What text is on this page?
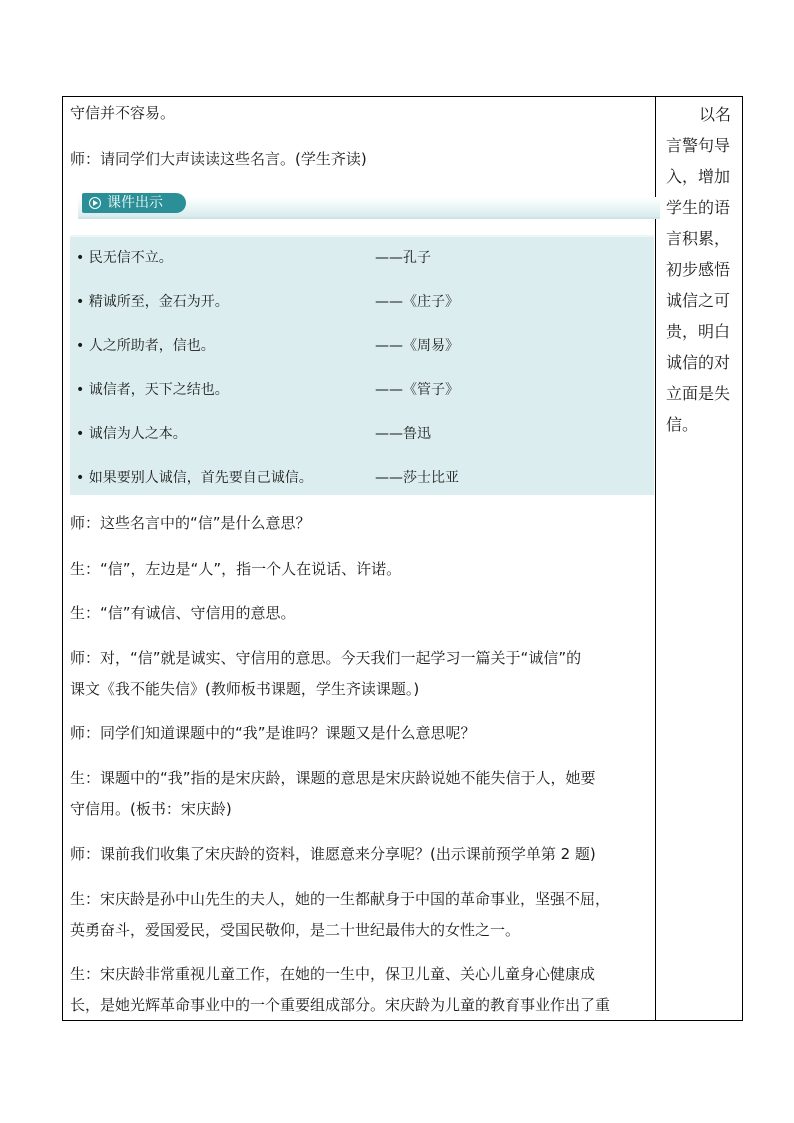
守信并不容易。
师：请同学们大声读读这些名言。(学生齐读)
课件出示
• 民无信不立。	——孔子
• 精诚所至，金石为开。	——《庄子》
• 人之所助者，信也。	——《周易》
• 诚信者，天下之结也。	——《管子》
• 诚信为人之本。	——鲁迅
• 如果要别人诚信，首先要自己诚信。	——莎士比亚
师：这些名言中的“信”是什么意思？
生：“信”，左边是“人”，指一个人在说话、许诺。
生：“信”有诚信、守信用的意思。
师：对，“信”就是诚实、守信用的意思。今天我们一起学习一篇关于“诚信”的
课文《我不能失信》(教师板书课题，学生齐读课题。)
师：同学们知道课题中的“我”是谁吗？课题又是什么意思呢？
生：课题中的“我”指的是宋庆龄，课题的意思是宋庆龄说她不能失信于人，她要
守信用。(板书：宋庆龄)
师：课前我们收集了宋庆龄的资料，谁愿意来分享呢？(出示课前预学单第 2 题)
生：宋庆龄是孙中山先生的夫人，她的一生都献身于中国的革命事业，坚强不屈，
英勇奋斗，爱国爱民，受国民敬仰，是二十世纪最伟大的女性之一。
生：宋庆龄非常重视儿童工作，在她的一生中，保卫儿童、关心儿童身心健康成
长，是她光辉革命事业中的一个重要组成部分。宋庆龄为儿童的教育事业作出了重
以名
言警句导
入，增加
学生的语
言积累，
初步感悟
诚信之可
贵，明白
诚信的对
立面是失
信。
